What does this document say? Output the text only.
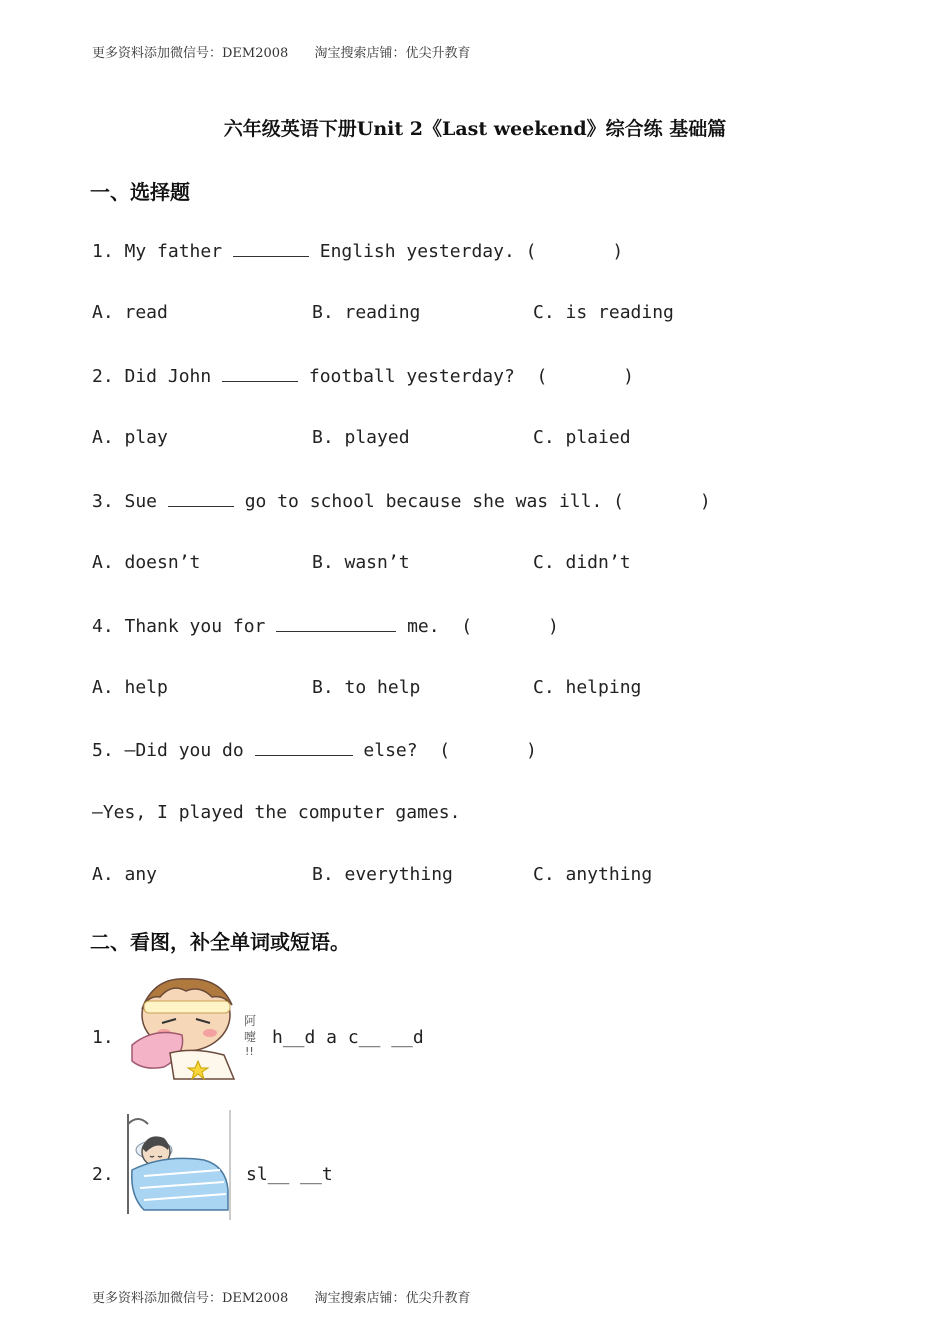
更多资料添加微信号：DEM2008 淘宝搜索店铺：优尖升教育
六年级英语下册Unit 2《Last weekend》综合练 基础篇
一、选择题
1. My father	English yesterday. (       )
A. read	B. reading	C. is reading
2. Did John	football yesterday?  (       )
A. play	B. played	C. plaied
3. Sue	go to school because she was ill. (       )
A. doesn’t	B. wasn’t	C. didn’t
4. Thank you for	me.  (       )
A. help	B. to help	C. helping
5. —Did you do	else?  (       )
—Yes, I played the computer games.
A. any	B. everything	C. anything
二、看图，补全单词或短语。
1.
阿
嚏
!!
h__d a c__ __d
2.	sl__ __t
更多资料添加微信号：DEM2008 淘宝搜索店铺：优尖升教育
